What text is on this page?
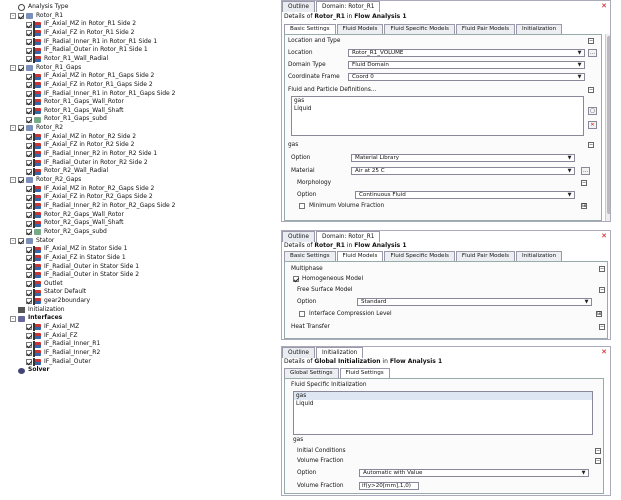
Analysis Type
-	Rotor_R1
IF_Axial_MZ in Rotor_R1 Side 2
IF_Axial_FZ in Rotor_R1 Side 2
IF_Radial_Inner_R1 in Rotor_R1 Side 1
IF_Radial_Outer in Rotor_R1 Side 1
Rotor_R1_Wall_Radial
-	Rotor_R1_Gaps
IF_Axial_MZ in Rotor_R1_Gaps Side 2
IF_Axial_FZ in Rotor_R1_Gaps Side 2
IF_Radial_Inner_R1 in Rotor_R1_Gaps Side 2
Rotor_R1_Gaps_Wall_Rotor
Rotor_R1_Gaps_Wall_Shaft
Rotor_R1_Gaps_subd
-	Rotor_R2
IF_Axial_MZ in Rotor_R2 Side 2
IF_Axial_FZ in Rotor_R2 Side 2
IF_Radial_Inner_R2 in Rotor_R2 Side 1
IF_Radial_Outer in Rotor_R2 Side 2
Rotor_R2_Wall_Radial
-	Rotor_R2_Gaps
IF_Axial_MZ in Rotor_R2_Gaps Side 2
IF_Axial_FZ in Rotor_R2_Gaps Side 2
IF_Radial_Inner_R2 in Rotor_R2_Gaps Side 2
Rotor_R2_Gaps_Wall_Rotor
Rotor_R2_Gaps_Wall_Shaft
Rotor_R2_Gaps_subd
-	Stator
IF_Axial_MZ in Stator Side 1
IF_Axial_FZ in Stator Side 1
IF_Radial_Outer in Stator Side 1
IF_Radial_Outer in Stator Side 2
Outlet
Stator Default
gear2boundary
Initialization
-	Interfaces
IF_Axial_MZ
IF_Axial_FZ
IF_Radial_Inner_R1
IF_Radial_Inner_R2
IF_Radial_Outer
Solver
Outline	Domain: Rotor_R1	✕
Details of Rotor_R1 in Flow Analysis 1
Basic Settings	Fluid Models	Fluid Specific Models	Fluid Pair Models	Initialization
Location and Type	−
Location	Rotor_R1_VOLUME	▼	…
Domain Type	Fluid Domain	▼
Coordinate Frame	Coord 0	▼
Fluid and Particle Definitions...	−
gas
Liquid	▢
✕
gas	−
Option	Material Library	▼
Material	Air at 25 C	▼	…
Morphology	−
Option	Continuous Fluid	▼
Minimum Volume Fraction	⊞
Outline	Domain: Rotor_R1	✕
Details of Rotor_R1 in Flow Analysis 1
Basic Settings	Fluid Models	Fluid Specific Models	Fluid Pair Models	Initialization
Multiphase	−
Homogeneous Model
Free Surface Model	−
Option	Standard	▼
Interface Compression Level	⊞
Heat Transfer	−
Outline	Initialization	✕
Details of Global Initialization in Flow Analysis 1
Global Settings	Fluid Settings
Fluid Specific Initialization
gas
Liquid
gas
Initial Conditions	−
Volume Fraction	−
Option	Automatic with Value	▼
Volume Fraction	if(y>20[mm],1,0)
